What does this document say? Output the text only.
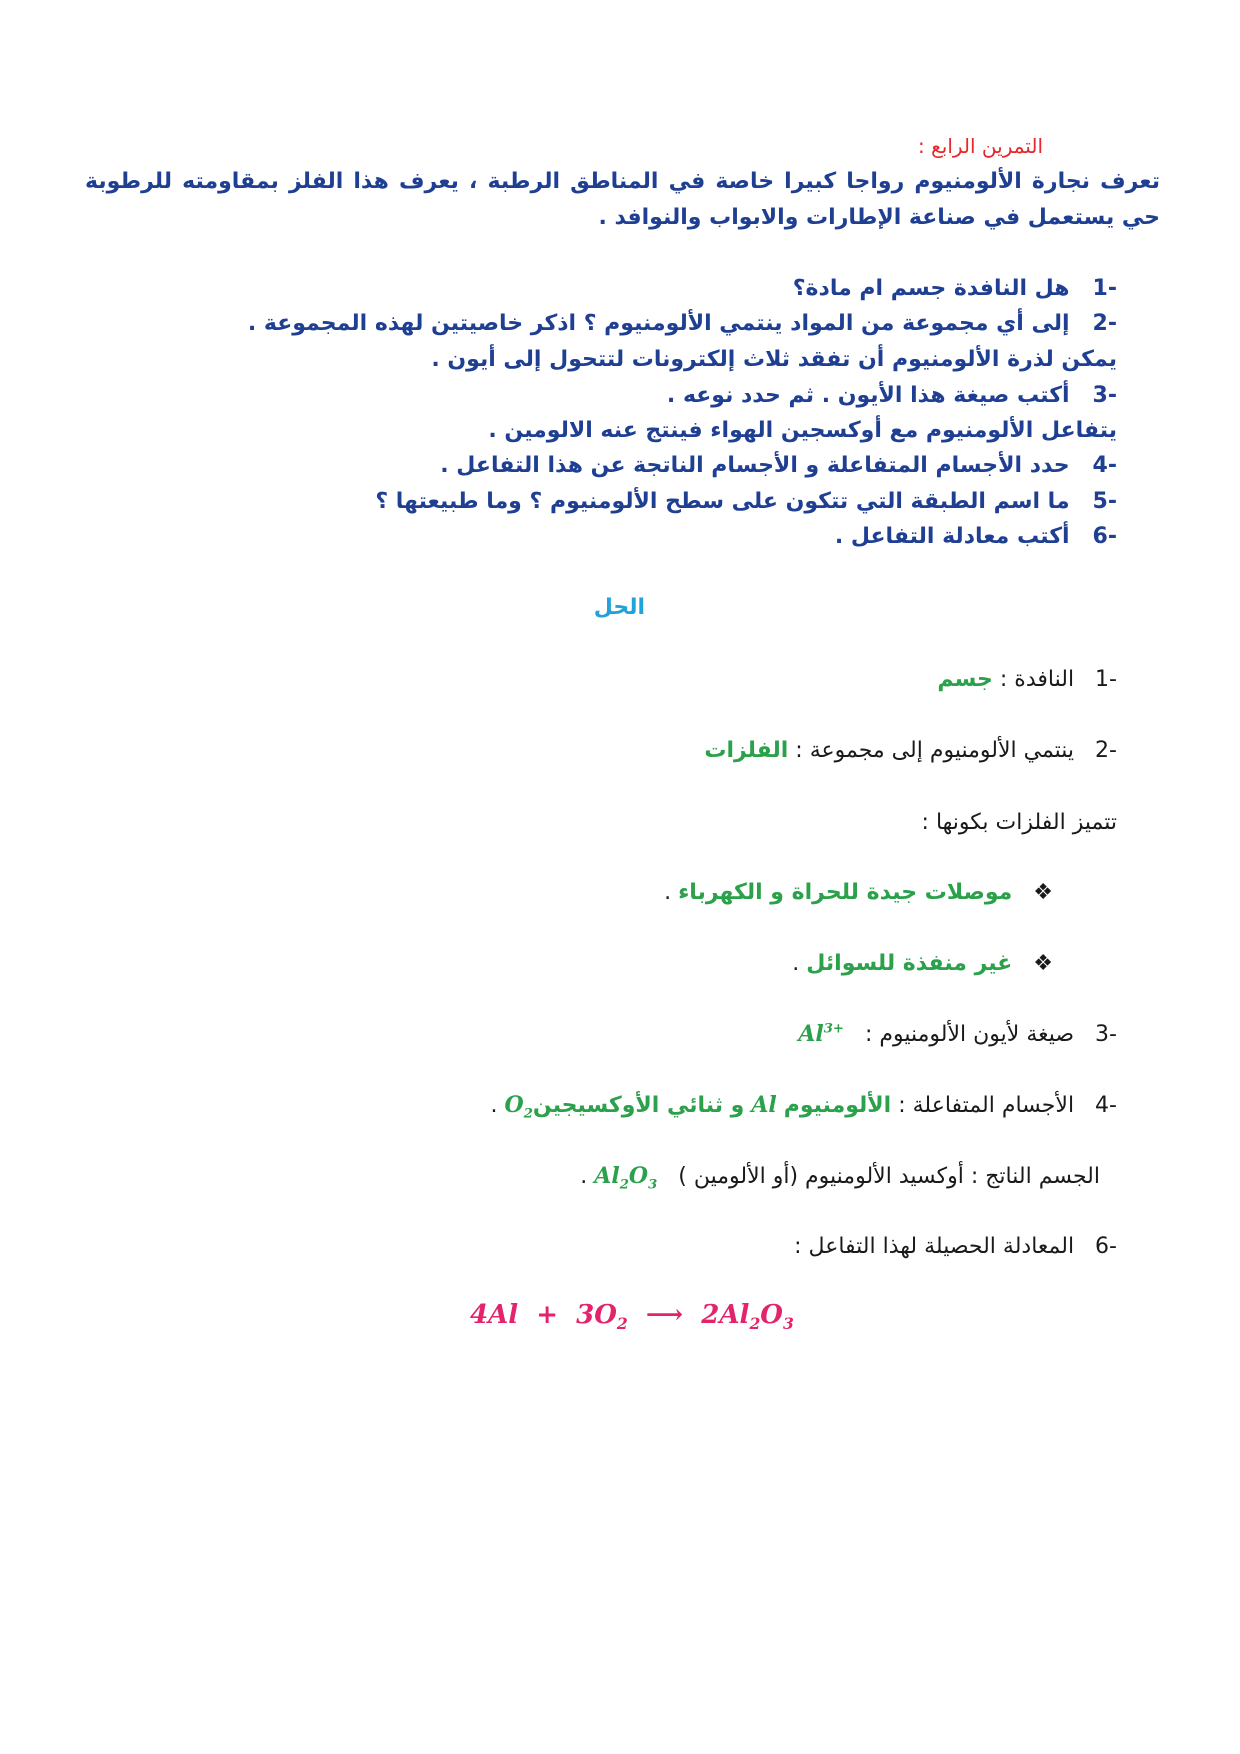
التمرين الرابع :
تعرف نجارة الألومنيوم رواجا كبيرا خاصة في المناطق الرطبة ، يعرف هذا الفلز بمقاومته للرطوبة حي يستعمل في صناعة الإطارات والابواب والنوافد .
-1   هل النافدة جسم ام مادة؟
-2   إلى أي مجموعة من المواد ينتمي الألومنيوم ؟ اذكر خاصيتين لهذه المجموعة .
يمكن لذرة الألومنيوم أن تفقد ثلاث إلكترونات لتتحول إلى أيون .
-3   أكتب صيغة هذا الأيون . ثم حدد نوعه .
يتفاعل الألومنيوم مع أوكسجين الهواء فينتج عنه الالومين .
-4   حدد الأجسام المتفاعلة و الأجسام الناتجة عن هذا التفاعل .
-5   ما اسم الطبقة التي تتكون على سطح الألومنيوم ؟ وما طبيعتها ؟
-6   أكتب معادلة التفاعل .
الحل
-1   النافدة : جسم
-2   ينتمي الألومنيوم إلى مجموعة : الفلزات
تتميز الفلزات بكونها :
❖   موصلات جيدة للحراة و الكهرباء .
❖   غير منفذة للسوائل .
-3   صيغة لأيون الألومنيوم :   $Al^{3+}$
-4   الأجسام المتفاعلة : الألومنيوم Al و ثنائي الأوكسيجينO$_2$ .
الجسم الناتج : أوكسيد الألومنيوم (أو الألومين )   $Al_2O_3$ .
-6   المعادلة الحصيلة لهذا التفاعل :
$4Al + 3O_2$ ⟶ $2Al_2O_3$
